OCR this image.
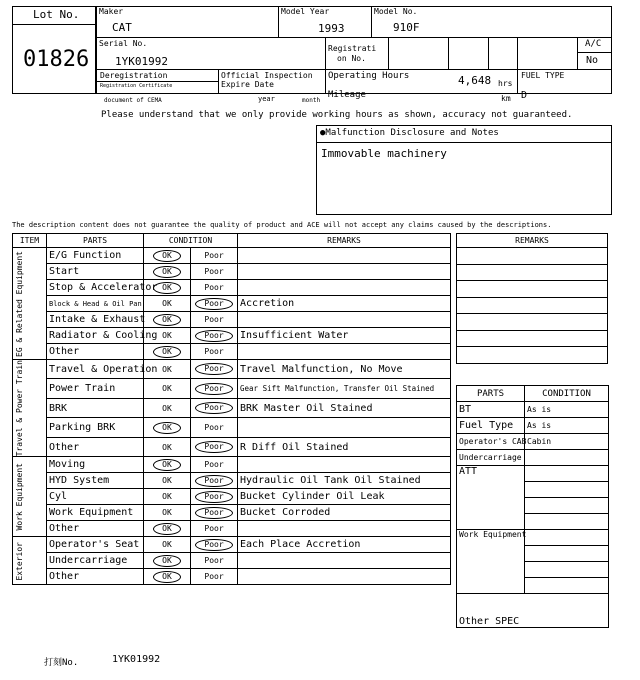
Lot No.
01826
Maker
CAT
Model Year
1993
Model No.
910F
Serial No.
1YK01992
Registrati
on No.
A/C
No
Deregistration
Registration Certificate
document of CEMA
Official Inspection
Expire Date
year	month
Operating Hours	4,648 hrs
FUEL TYPE
D
Mileage	km
Please understand that we only provide working hours as shown, accuracy not guaranteed.
●Malfunction Disclosure and Notes
Immovable machinery
The description content does not guarantee the quality of product and ACE will not accept any claims caused by the descriptions.
ITEM	PARTS	CONDITION		REMARKS

EG & Related Equipment	E/G Function	OK	Poor	
	Start	OK	Poor	
	Stop & Accelerator	OK	Poor	
	Block & Head & Oil Pan	OK	Poor	Accretion
	Intake & Exhaust	OK	Poor	
	Radiator & Cooling	OK	Poor	Insufficient Water
	Other	OK	Poor	

Travel & Power Train	Travel & Operation	OK	Poor	Travel Malfunction, No Move
	Power Train	OK	Poor	Gear Sift Malfunction, Transfer Oil Stained
	BRK	OK	Poor	BRK Master Oil Stained
	Parking BRK	OK	Poor	
	Other	OK	Poor	R Diff Oil Stained

Work Equipment	Moving	OK	Poor	
	HYD System	OK	Poor	Hydraulic Oil Tank Oil Stained
	Cyl	OK	Poor	Bucket Cylinder Oil Leak
	Work Equipment	OK	Poor	Bucket Corroded
	Other	OK	Poor	

Exterior	Operator's Seat	OK	Poor	Each Place Accretion
	Undercarriage	OK	Poor	
	Other	OK	Poor	
REMARKS

PARTS	CONDITION
BT	As is
Fuel Type	As is
Operator's CAB	Cabin
Undercarriage	
ATT	

Work Equipment	

Other SPEC	
打刻No.	1YK01992
